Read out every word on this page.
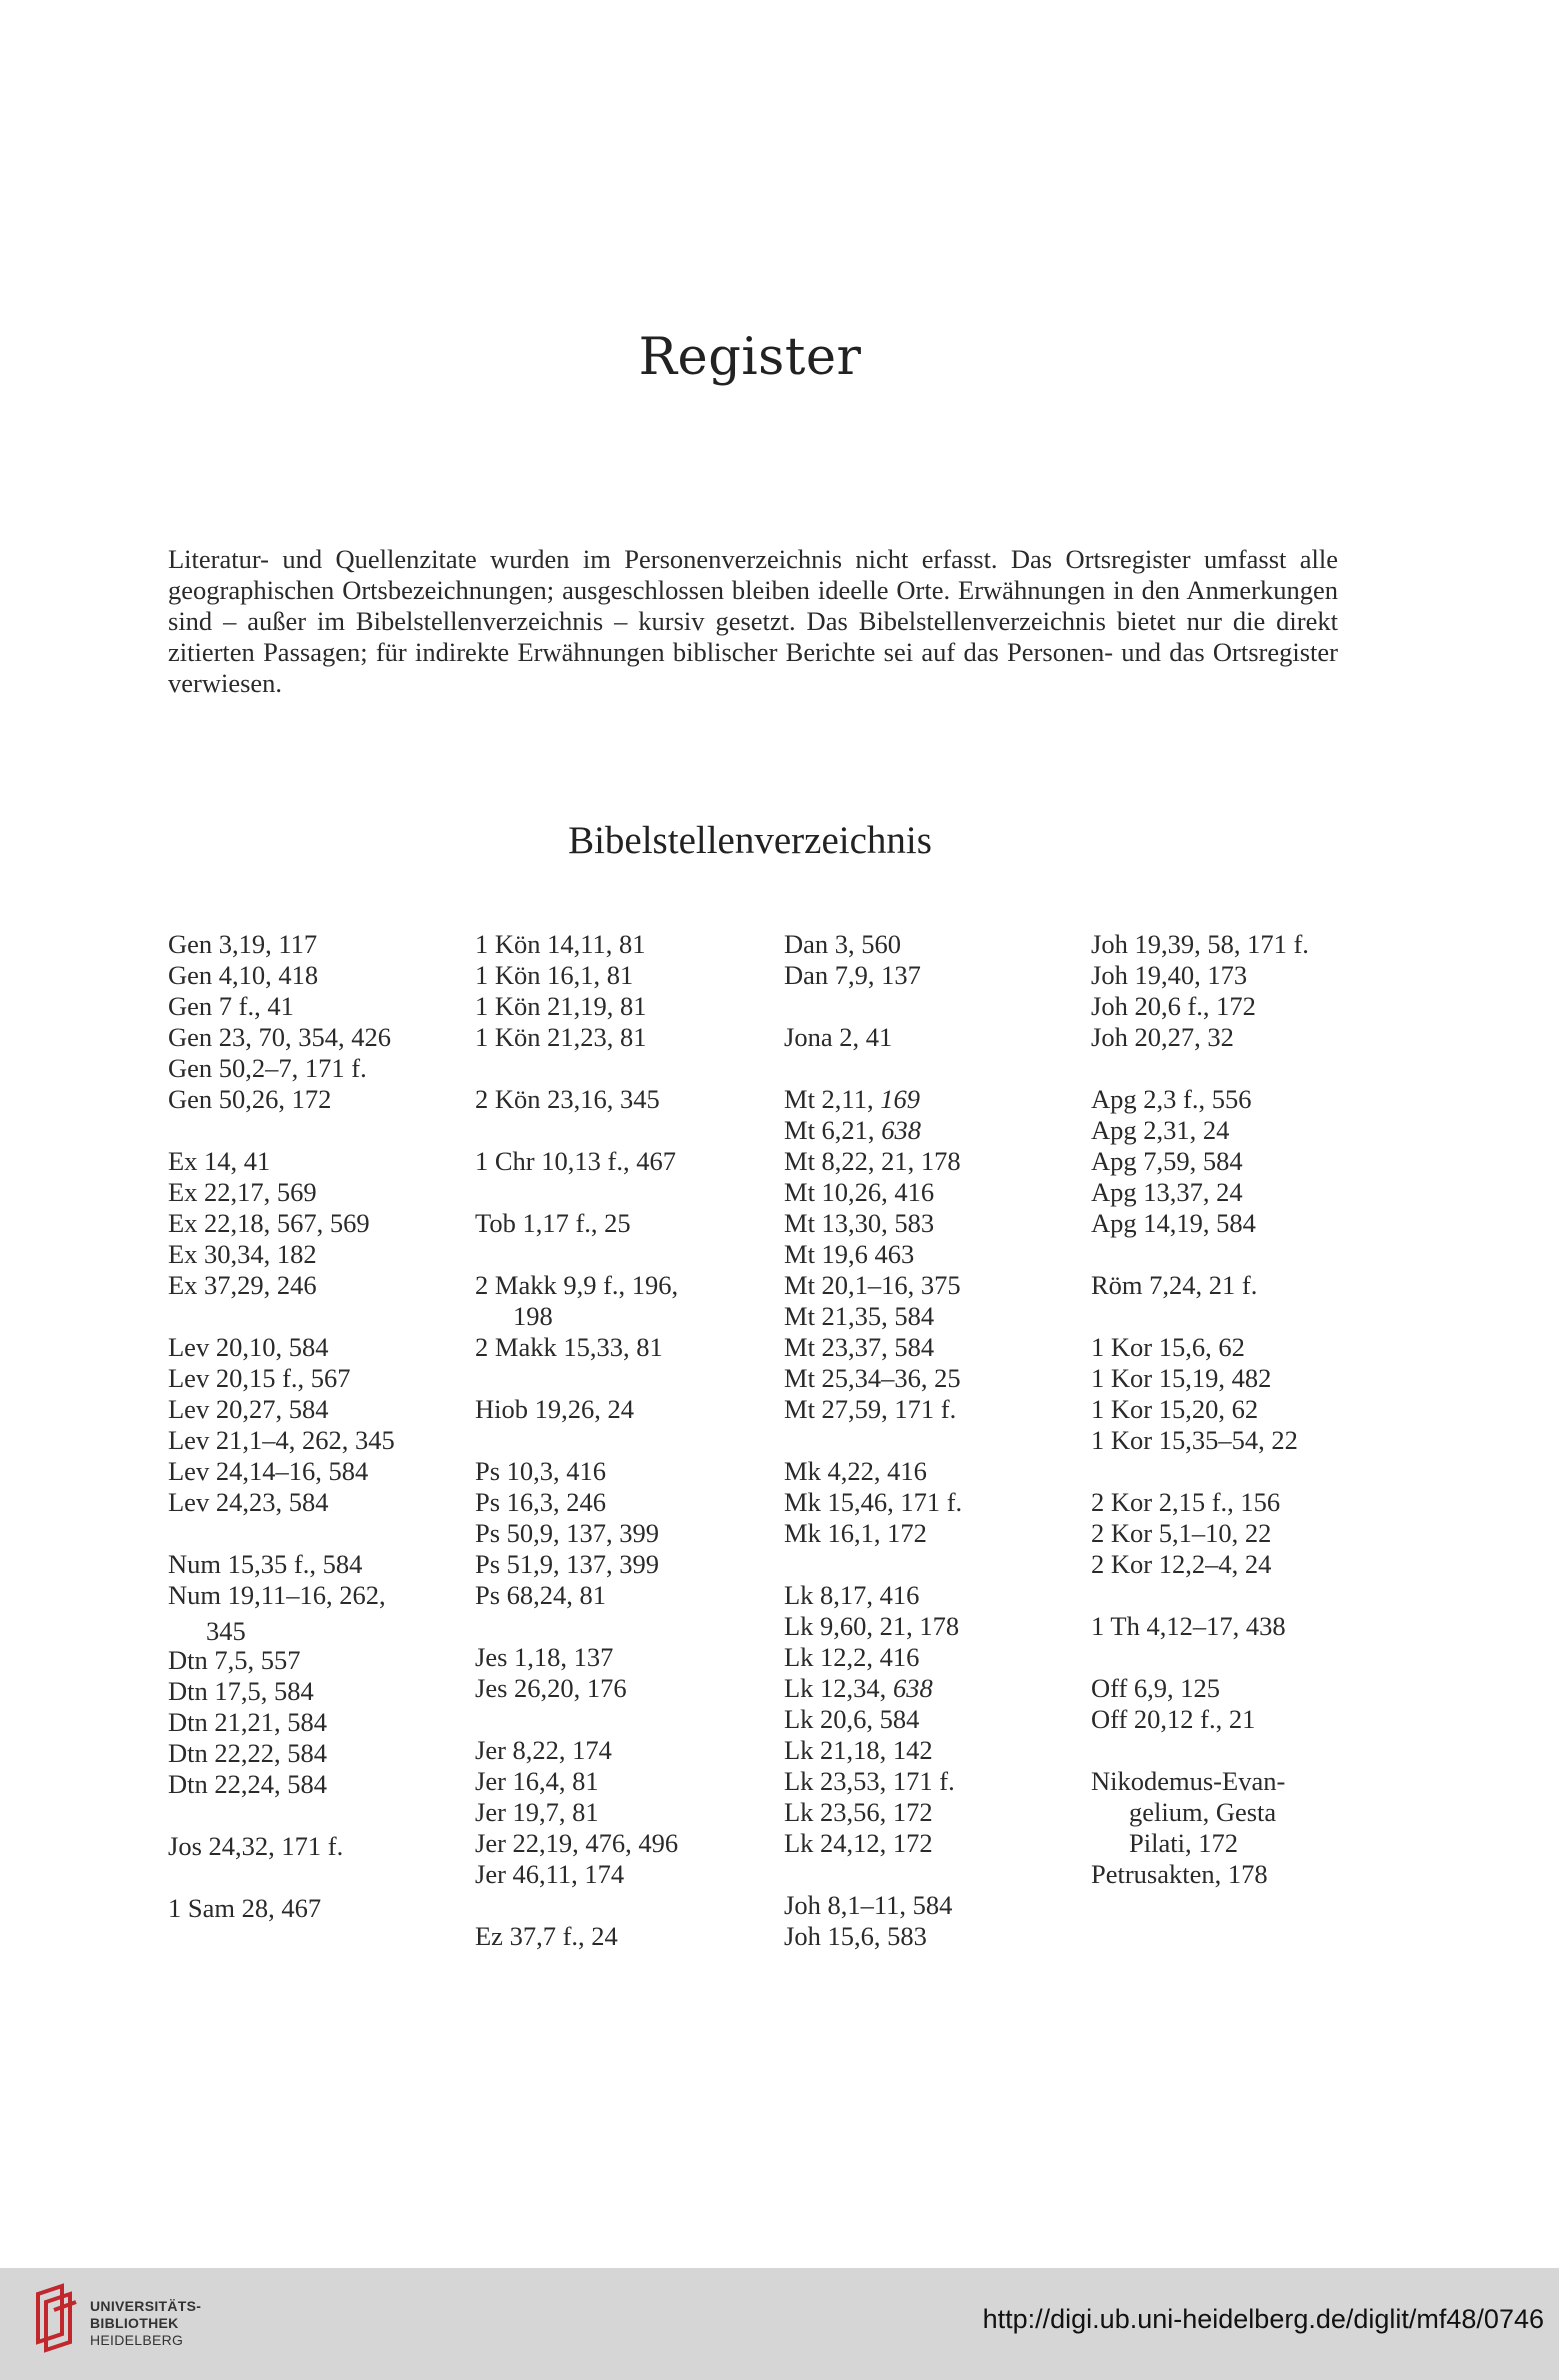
Register

Literatur- und Quellenzitate wurden im Personenverzeichnis nicht erfasst. Das Ortsregister umfasst alle geographischen Ortsbezeichnungen; ausgeschlossen bleiben ideelle Orte. Erwähnungen in den Anmerkungen sind – außer im Bibelstellenverzeichnis – kursiv gesetzt. Das Bibelstellenverzeichnis bietet nur die direkt zitierten Passagen; für indirekte Erwähnungen biblischer Berichte sei auf das Personen- und das Ortsregister verwiesen.

Bibelstellenverzeichnis
Gen 3,19, 117
Gen 4,10, 418
Gen 7 f., 41
Gen 23, 70, 354, 426
Gen 50,2–7, 171 f.
Gen 50,26, 172
Ex 14, 41
Ex 22,17, 569
Ex 22,18, 567, 569
Ex 30,34, 182
Ex 37,29, 246
Lev 20,10, 584
Lev 20,15 f., 567
Lev 20,27, 584
Lev 21,1–4, 262, 345
Lev 24,14–16, 584
Lev 24,23, 584
Num 15,35 f., 584
Num 19,11–16, 262,
345
Dtn 7,5, 557
Dtn 17,5, 584
Dtn 21,21, 584
Dtn 22,22, 584
Dtn 22,24, 584
Jos 24,32, 171 f.
1 Sam 28, 467
1 Kön 14,11, 81
1 Kön 16,1, 81
1 Kön 21,19, 81
1 Kön 21,23, 81
2 Kön 23,16, 345
1 Chr 10,13 f., 467
Tob 1,17 f., 25
2 Makk 9,9 f., 196,
198
2 Makk 15,33, 81
Hiob 19,26, 24
Ps 10,3, 416
Ps 16,3, 246
Ps 50,9, 137, 399
Ps 51,9, 137, 399
Ps 68,24, 81
Jes 1,18, 137
Jes 26,20, 176
Jer 8,22, 174
Jer 16,4, 81
Jer 19,7, 81
Jer 22,19, 476, 496
Jer 46,11, 174
Ez 37,7 f., 24
Dan 3, 560
Dan 7,9, 137
Jona 2, 41
Mt 2,11, 169
Mt 6,21, 638
Mt 8,22, 21, 178
Mt 10,26, 416
Mt 13,30, 583
Mt 19,6 463
Mt 20,1–16, 375
Mt 21,35, 584
Mt 23,37, 584
Mt 25,34–36, 25
Mt 27,59, 171 f.
Mk 4,22, 416
Mk 15,46, 171 f.
Mk 16,1, 172
Lk 8,17, 416
Lk 9,60, 21, 178
Lk 12,2, 416
Lk 12,34, 638
Lk 20,6, 584
Lk 21,18, 142
Lk 23,53, 171 f.
Lk 23,56, 172
Lk 24,12, 172
Joh 8,1–11, 584
Joh 15,6, 583
Joh 19,39, 58, 171 f.
Joh 19,40, 173
Joh 20,6 f., 172
Joh 20,27, 32
Apg 2,3 f., 556
Apg 2,31, 24
Apg 7,59, 584
Apg 13,37, 24
Apg 14,19, 584
Röm 7,24, 21 f.
1 Kor 15,6, 62
1 Kor 15,19, 482
1 Kor 15,20, 62
1 Kor 15,35–54, 22
2 Kor 2,15 f., 156
2 Kor 5,1–10, 22
2 Kor 12,2–4, 24
1 Th 4,12–17, 438
Off 6,9, 125
Off 20,12 f., 21
Nikodemus-Evan-
gelium, Gesta
Pilati, 172
Petrusakten, 178
UNIVERSITÄTS-
BIBLIOTHEK
HEIDELBERG
http://digi.ub.uni-heidelberg.de/diglit/mf48/0746
